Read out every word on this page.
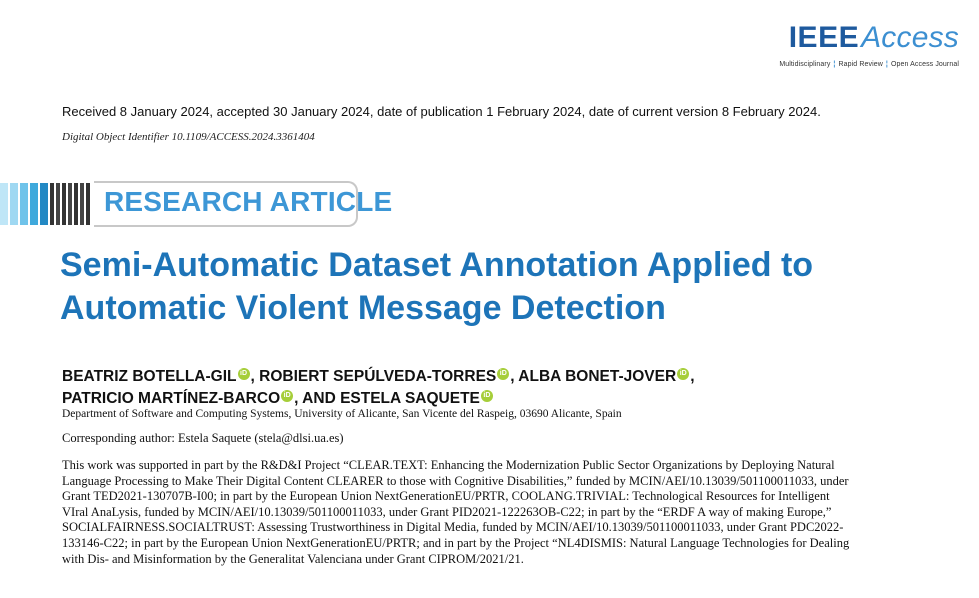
IEEEAccess
Multidisciplinary ¦ Rapid Review ¦ Open Access Journal
Received 8 January 2024, accepted 30 January 2024, date of publication 1 February 2024, date of current version 8 February 2024.
Digital Object Identifier 10.1109/ACCESS.2024.3361404
RESEARCH ARTICLE
Semi-Automatic Dataset Annotation Applied to Automatic Violent Message Detection
BEATRIZ BOTELLA-GIL iD , ROBIERT SEPÚLVEDA-TORRES iD , ALBA BONET-JOVER iD ,
PATRICIO MARTÍNEZ-BARCO iD , AND ESTELA SAQUETE iD
Department of Software and Computing Systems, University of Alicante, San Vicente del Raspeig, 03690 Alicante, Spain
Corresponding author: Estela Saquete (stela@dlsi.ua.es)
This work was supported in part by the R&D&I Project “CLEAR.TEXT: Enhancing the Modernization Public Sector Organizations by Deploying Natural Language Processing to Make Their Digital Content CLEARER to those with Cognitive Disabilities,” funded by MCIN/AEI/10.13039/501100011033, under Grant TED2021-130707B-I00; in part by the European Union NextGenerationEU/PRTR, COOLANG.TRIVIAL: Technological Resources for Intelligent VIral AnaLysis, funded by MCIN/AEI/10.13039/501100011033, under Grant PID2021-122263OB-C22; in part by the “ERDF A way of making Europe,” SOCIALFAIRNESS.SOCIALTRUST: Assessing Trustworthiness in Digital Media, funded by MCIN/AEI/10.13039/501100011033, under Grant PDC2022-133146-C22; in part by the European Union NextGenerationEU/PRTR; and in part by the Project “NL4DISMIS: Natural Language Technologies for Dealing with Dis- and Misinformation by the Generalitat Valenciana under Grant CIPROM/2021/21.
